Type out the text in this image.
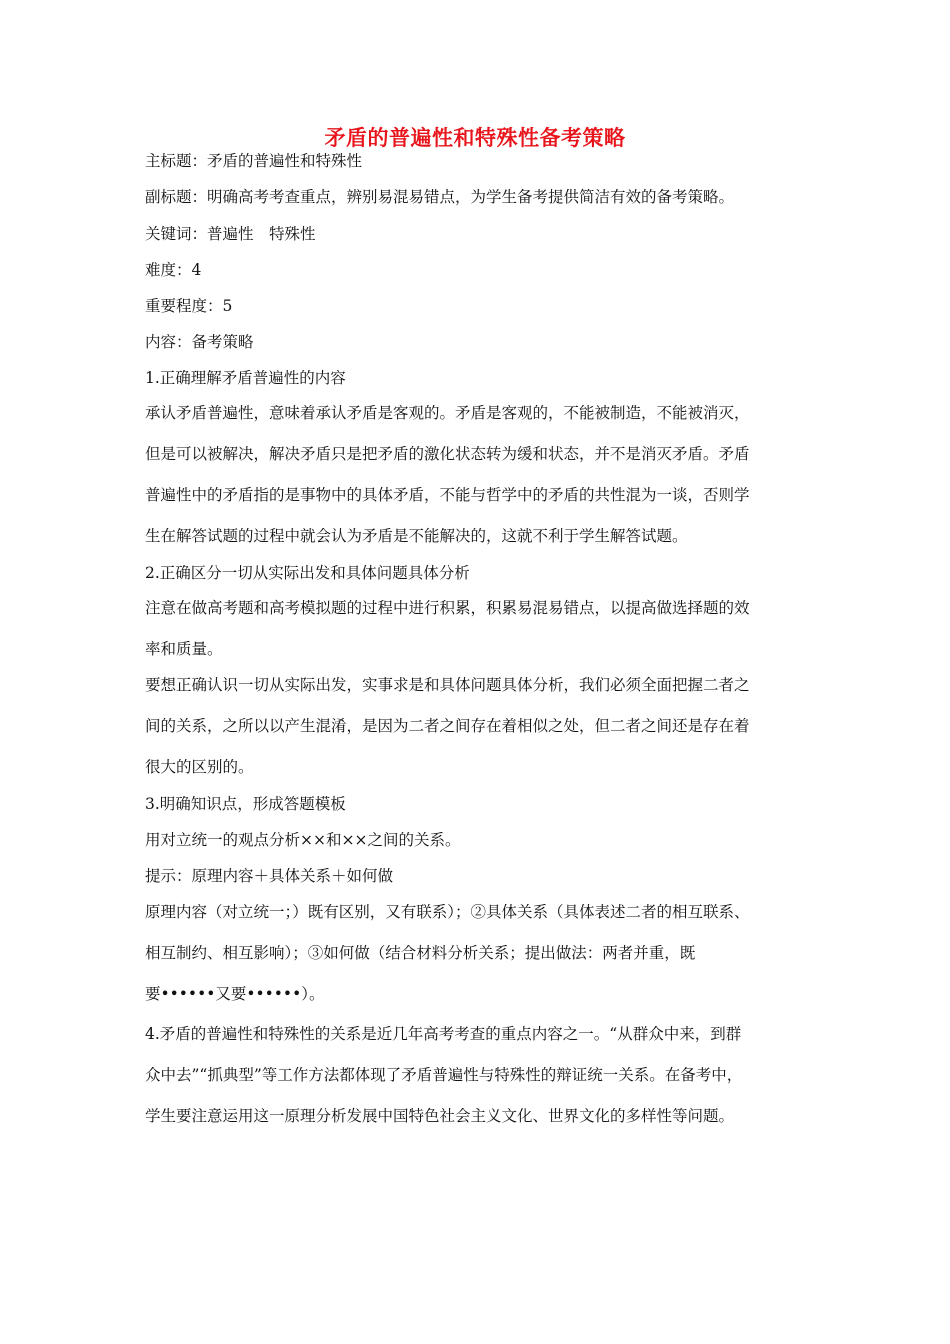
矛盾的普遍性和特殊性备考策略
主标题：矛盾的普遍性和特殊性
副标题：明确高考考查重点，辨别易混易错点，为学生备考提供简洁有效的备考策略。
关键词：普遍性　特殊性
难度：4
重要程度：5
内容：备考策略
1.正确理解矛盾普遍性的内容
承认矛盾普遍性，意味着承认矛盾是客观的。矛盾是客观的，不能被制造，不能被消灭，
但是可以被解决，解决矛盾只是把矛盾的激化状态转为缓和状态，并不是消灭矛盾。矛盾
普遍性中的矛盾指的是事物中的具体矛盾，不能与哲学中的矛盾的共性混为一谈，否则学
生在解答试题的过程中就会认为矛盾是不能解决的，这就不利于学生解答试题。
2.正确区分一切从实际出发和具体问题具体分析
注意在做高考题和高考模拟题的过程中进行积累，积累易混易错点，以提高做选择题的效
率和质量。
要想正确认识一切从实际出发，实事求是和具体问题具体分析，我们必须全面把握二者之
间的关系，之所以以产生混淆，是因为二者之间存在着相似之处，但二者之间还是存在着
很大的区别的。
3.明确知识点，形成答题模板
用对立统一的观点分析××和××之间的关系。
提示：原理内容＋具体关系＋如何做
原理内容（对立统一；）既有区别，又有联系）；②具体关系（具体表述二者的相互联系、
相互制约、相互影响）；③如何做（结合材料分析关系；提出做法：两者并重，既
要••••••又要••••••）。
4.矛盾的普遍性和特殊性的关系是近几年高考考查的重点内容之一。“从群众中来，到群
众中去”“抓典型”等工作方法都体现了矛盾普遍性与特殊性的辩证统一关系。在备考中，
学生要注意运用这一原理分析发展中国特色社会主义文化、世界文化的多样性等问题。
